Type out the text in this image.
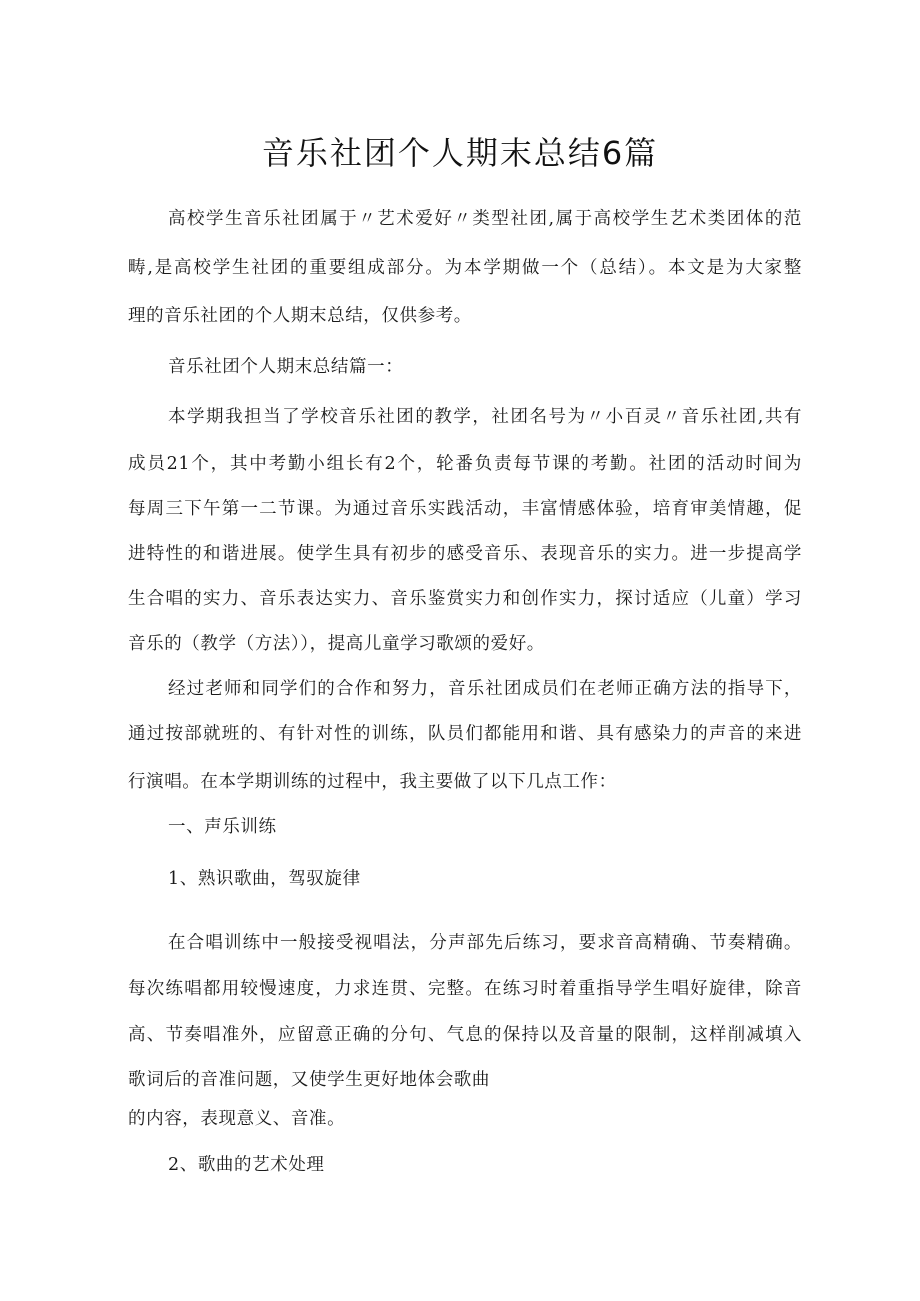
音乐社团个人期末总结6篇
高校学生音乐社团属于〃艺术爱好〃类型社团,属于高校学生艺术类团体的范
畴,是高校学生社团的重要组成部分。为本学期做一个（总结）。本文是为大家整
理的音乐社团的个人期末总结，仅供参考。
音乐社团个人期末总结篇一：
本学期我担当了学校音乐社团的教学，社团名号为〃小百灵〃音乐社团,共有
成员21个，其中考勤小组长有2个，轮番负责每节课的考勤。社团的活动时间为
每周三下午第一二节课。为通过音乐实践活动，丰富情感体验，培育审美情趣，促
进特性的和谐进展。使学生具有初步的感受音乐、表现音乐的实力。进一步提高学
生合唱的实力、音乐表达实力、音乐鉴赏实力和创作实力，探讨适应（儿童）学习
音乐的（教学（方法）），提高儿童学习歌颂的爱好。
经过老师和同学们的合作和努力，音乐社团成员们在老师正确方法的指导下，
通过按部就班的、有针对性的训练，队员们都能用和谐、具有感染力的声音的来进
行演唱。在本学期训练的过程中，我主要做了以下几点工作：
一、声乐训练
1、熟识歌曲，驾驭旋律
在合唱训练中一般接受视唱法，分声部先后练习，要求音高精确、节奏精确。
每次练唱都用较慢速度，力求连贯、完整。在练习时着重指导学生唱好旋律，除音
高、节奏唱准外，应留意正确的分句、气息的保持以及音量的限制，这样削减填入
歌词后的音准问题，又使学生更好地体会歌曲
的内容，表现意义、音准。
2、歌曲的艺术处理
